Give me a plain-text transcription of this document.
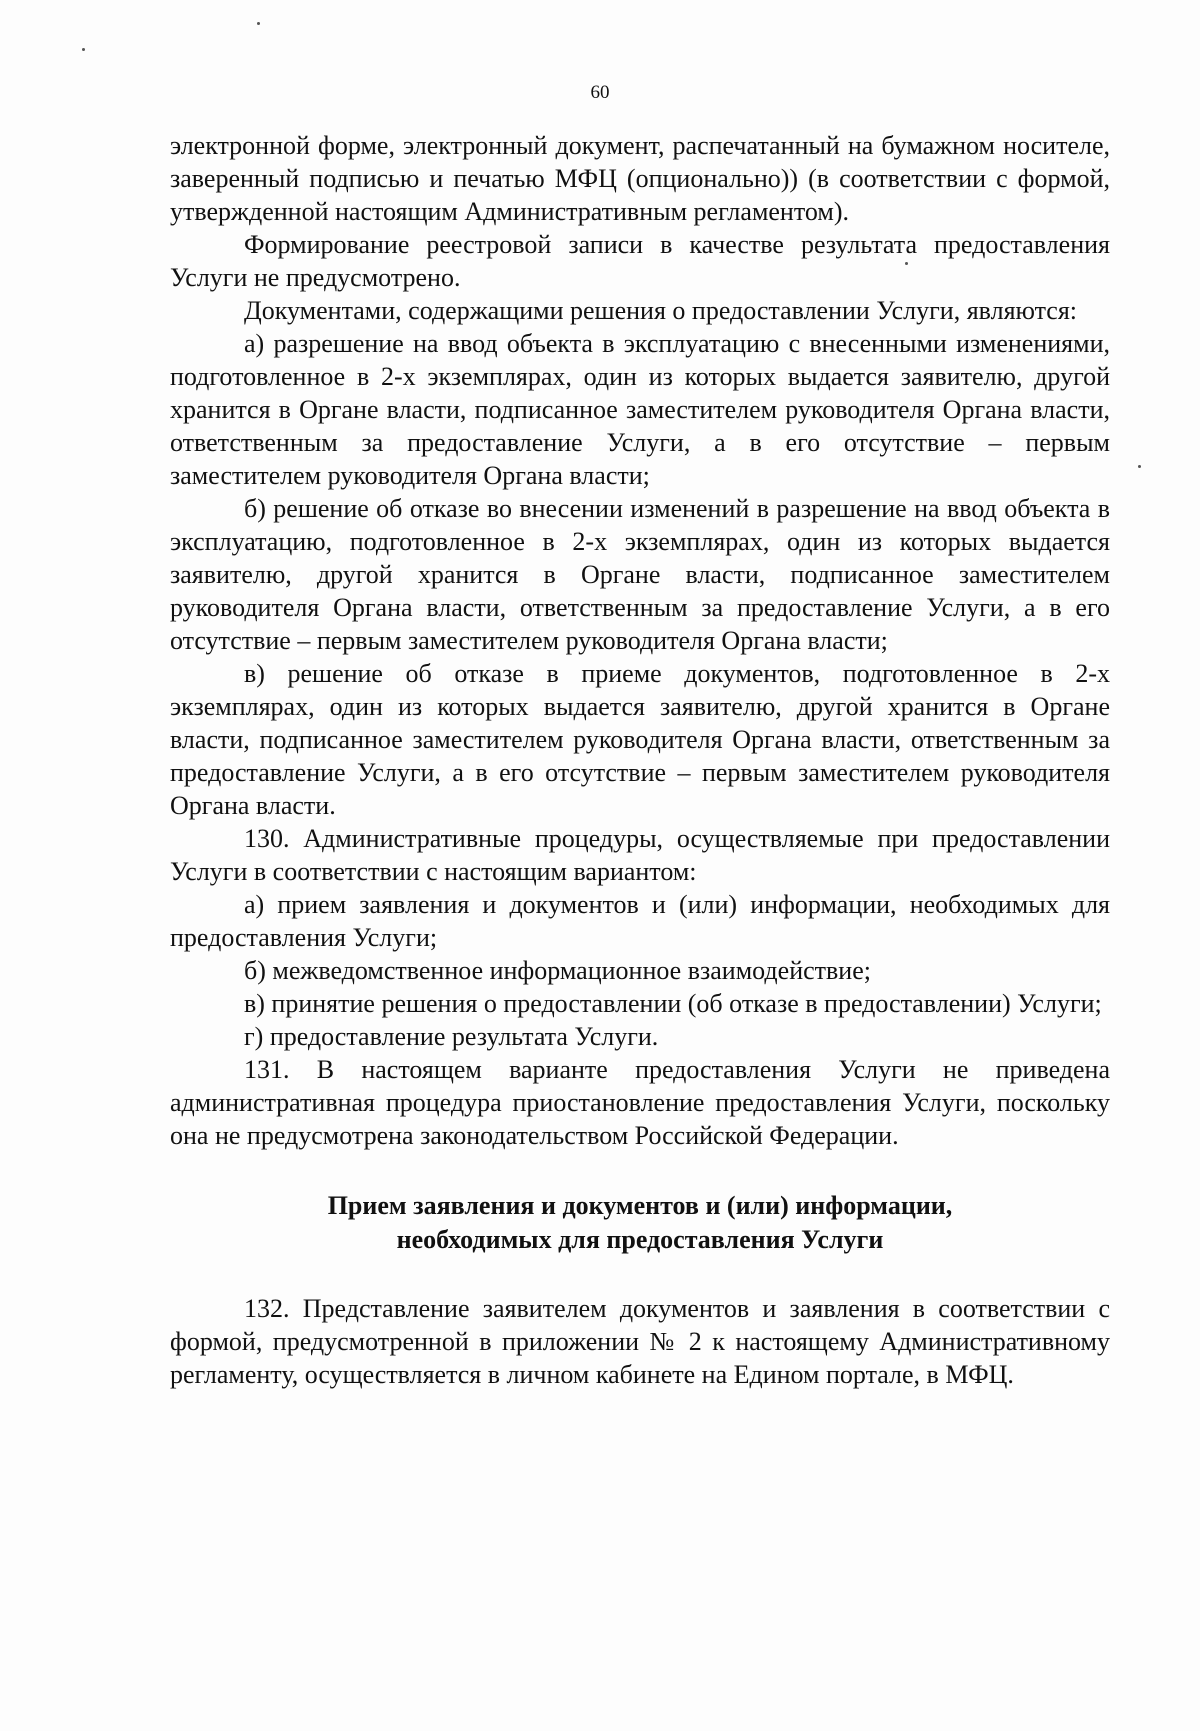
60

электронной форме, электронный документ, распечатанный на бумажном носителе, заверенный подписью и печатью МФЦ (опционально)) (в соответствии с формой, утвержденной настоящим Административным регламентом).

Формирование реестровой записи в качестве результата предоставления Услуги не предусмотрено.

Документами, содержащими решения о предоставлении Услуги, являются:

а) разрешение на ввод объекта в эксплуатацию с внесенными изменениями, подготовленное в 2-х экземплярах, один из которых выдается заявителю, другой хранится в Органе власти, подписанное заместителем руководителя Органа власти, ответственным за предоставление Услуги, а в его отсутствие – первым заместителем руководителя Органа власти;

б) решение об отказе во внесении изменений в разрешение на ввод объекта в эксплуатацию, подготовленное в 2-х экземплярах, один из которых выдается заявителю, другой хранится в Органе власти, подписанное заместителем руководителя Органа власти, ответственным за предоставление Услуги, а в его отсутствие – первым заместителем руководителя Органа власти;

в) решение об отказе в приеме документов, подготовленное в 2-х экземплярах, один из которых выдается заявителю, другой хранится в Органе власти, подписанное заместителем руководителя Органа власти, ответственным за предоставление Услуги, а в его отсутствие – первым заместителем руководителя Органа власти.

130. Административные процедуры, осуществляемые при предоставлении Услуги в соответствии с настоящим вариантом:

а) прием заявления и документов и (или) информации, необходимых для предоставления Услуги;

б) межведомственное информационное взаимодействие;

в) принятие решения о предоставлении (об отказе в предоставлении) Услуги;

г) предоставление результата Услуги.

131. В настоящем варианте предоставления Услуги не приведена административная процедура приостановление предоставления Услуги, поскольку она не предусмотрена законодательством Российской Федерации.

Прием заявления и документов и (или) информации,
необходимых для предоставления Услуги

132. Представление заявителем документов и заявления в соответствии с формой, предусмотренной в приложении № 2 к настоящему Административному регламенту, осуществляется в личном кабинете на Едином портале, в МФЦ.
